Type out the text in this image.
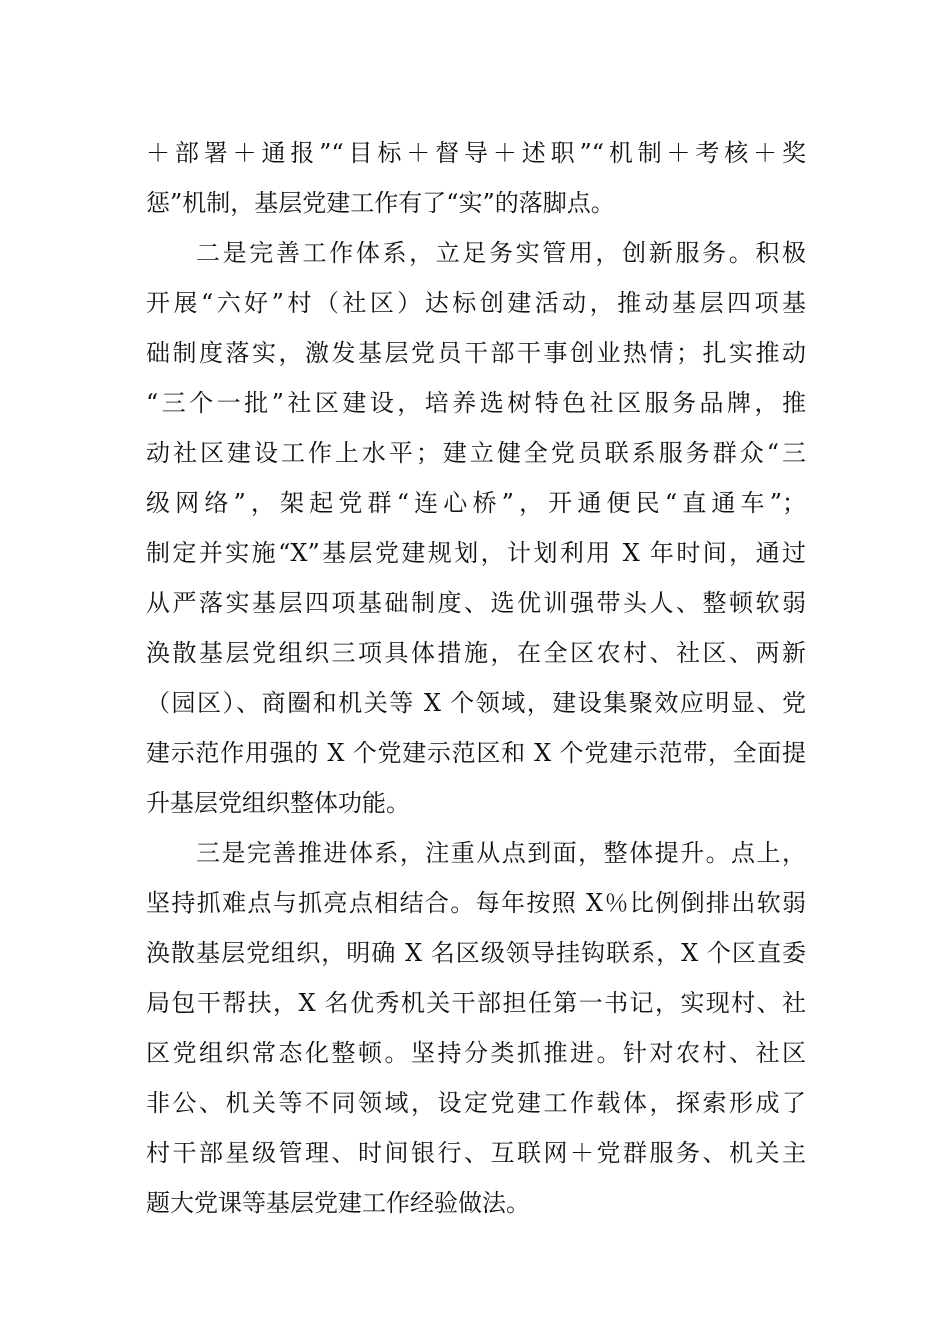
＋部署＋通报”“目标＋督导＋述职”“机制＋考核＋奖
惩”机制，基层党建工作有了“实”的落脚点。
二是完善工作体系，立足务实管用，创新服务。积极
开展“六好”村（社区）达标创建活动，推动基层四项基
础制度落实，激发基层党员干部干事创业热情；扎实推动
“三个一批”社区建设，培养选树特色社区服务品牌，推
动社区建设工作上水平；建立健全党员联系服务群众“三
级网络”，架起党群“连心桥”，开通便民“直通车”；
制定并实施“X”基层党建规划，计划利用 X 年时间，通过
从严落实基层四项基础制度、选优训强带头人、整顿软弱
涣散基层党组织三项具体措施，在全区农村、社区、两新
（园区）、商圈和机关等 X 个领域，建设集聚效应明显、党
建示范作用强的 X 个党建示范区和 X 个党建示范带，全面提
升基层党组织整体功能。
三是完善推进体系，注重从点到面，整体提升。点上，
坚持抓难点与抓亮点相结合。每年按照 X％比例倒排出软弱
涣散基层党组织，明确 X 名区级领导挂钩联系，X 个区直委
局包干帮扶，X 名优秀机关干部担任第一书记，实现村、社
区党组织常态化整顿。坚持分类抓推进。针对农村、社区
非公、机关等不同领域，设定党建工作载体，探索形成了
村干部星级管理、时间银行、互联网＋党群服务、机关主
题大党课等基层党建工作经验做法。
